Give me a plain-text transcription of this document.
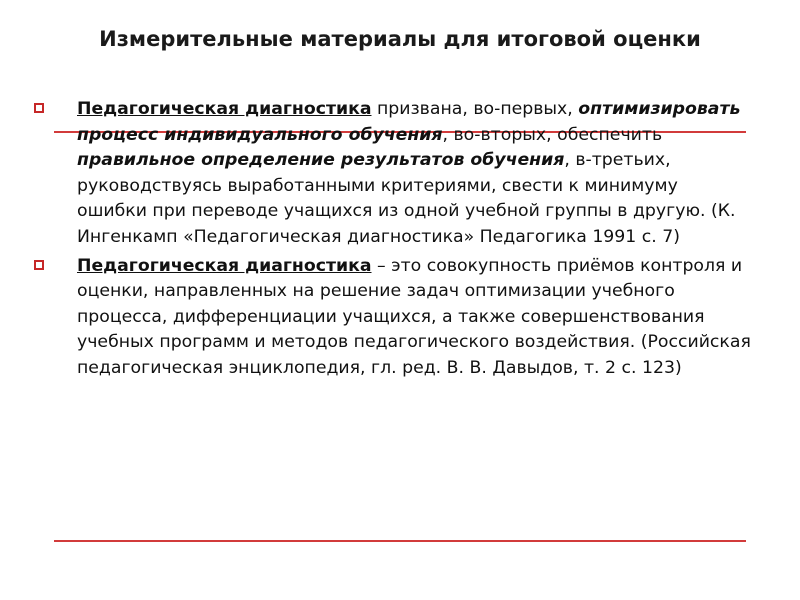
Измерительные материалы для итоговой оценки
Педагогическая диагностика призвана, во-первых, оптимизировать процесс индивидуального обучения, во-вторых, обеспечить правильное определение результатов обучения, в-третьих, руководствуясь выработанными критериями, свести к минимуму ошибки при переводе учащихся из одной учебной группы в другую. (К. Ингенкамп «Педагогическая диагностика» Педагогика 1991 с. 7)
Педагогическая диагностика – это совокупность приёмов контроля и оценки, направленных на решение задач оптимизации учебного процесса, дифференциации учащихся, а также совершенствования учебных программ и методов педагогического воздействия. (Российская педагогическая энциклопедия, гл. ред. В. В. Давыдов, т. 2 с. 123)
